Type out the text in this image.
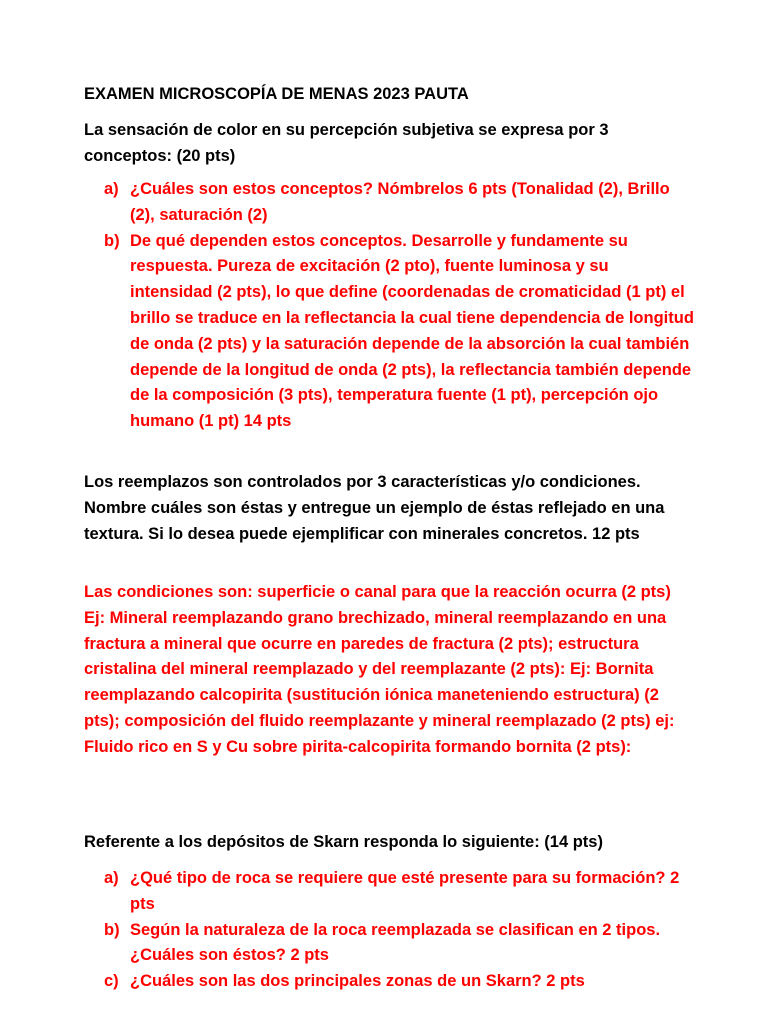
EXAMEN MICROSCOPÍA DE MENAS 2023 PAUTA
La sensación de color en su percepción subjetiva se expresa por 3 conceptos: (20 pts)
a) ¿Cuáles son estos conceptos? Nómbrelos 6 pts (Tonalidad (2), Brillo (2), saturación (2)
b) De qué dependen estos conceptos. Desarrolle y fundamente su respuesta. Pureza de excitación (2 pto), fuente luminosa y su intensidad (2 pts), lo que define (coordenadas de cromaticidad (1 pt) el brillo se traduce en la reflectancia la cual tiene dependencia de longitud de onda (2 pts) y la saturación depende de la absorción la cual también depende de la longitud de onda (2 pts), la reflectancia también depende de la composición (3 pts), temperatura fuente (1 pt), percepción ojo humano (1 pt) 14 pts
Los reemplazos son controlados por 3 características y/o condiciones. Nombre cuáles son éstas y entregue un ejemplo de éstas reflejado en una textura. Si lo desea puede ejemplificar con minerales concretos. 12 pts
Las condiciones son: superficie o canal para que la reacción ocurra (2 pts) Ej: Mineral reemplazando grano brechizado, mineral reemplazando en una fractura a mineral que ocurre en paredes de fractura (2 pts); estructura cristalina del mineral reemplazado y del reemplazante (2 pts): Ej: Bornita reemplazando calcopirita (sustitución iónica maneteniendo estructura) (2 pts); composición del fluido reemplazante y mineral reemplazado (2 pts) ej: Fluido rico en S y Cu sobre pirita-calcopirita formando bornita (2 pts):
Referente a los depósitos de Skarn responda lo siguiente: (14 pts)
a) ¿Qué tipo de roca se requiere que esté presente para su formación? 2 pts
b) Según la naturaleza de la roca reemplazada se clasifican en 2 tipos. ¿Cuáles son éstos? 2 pts
c) ¿Cuáles son las dos principales zonas de un Skarn? 2 pts
